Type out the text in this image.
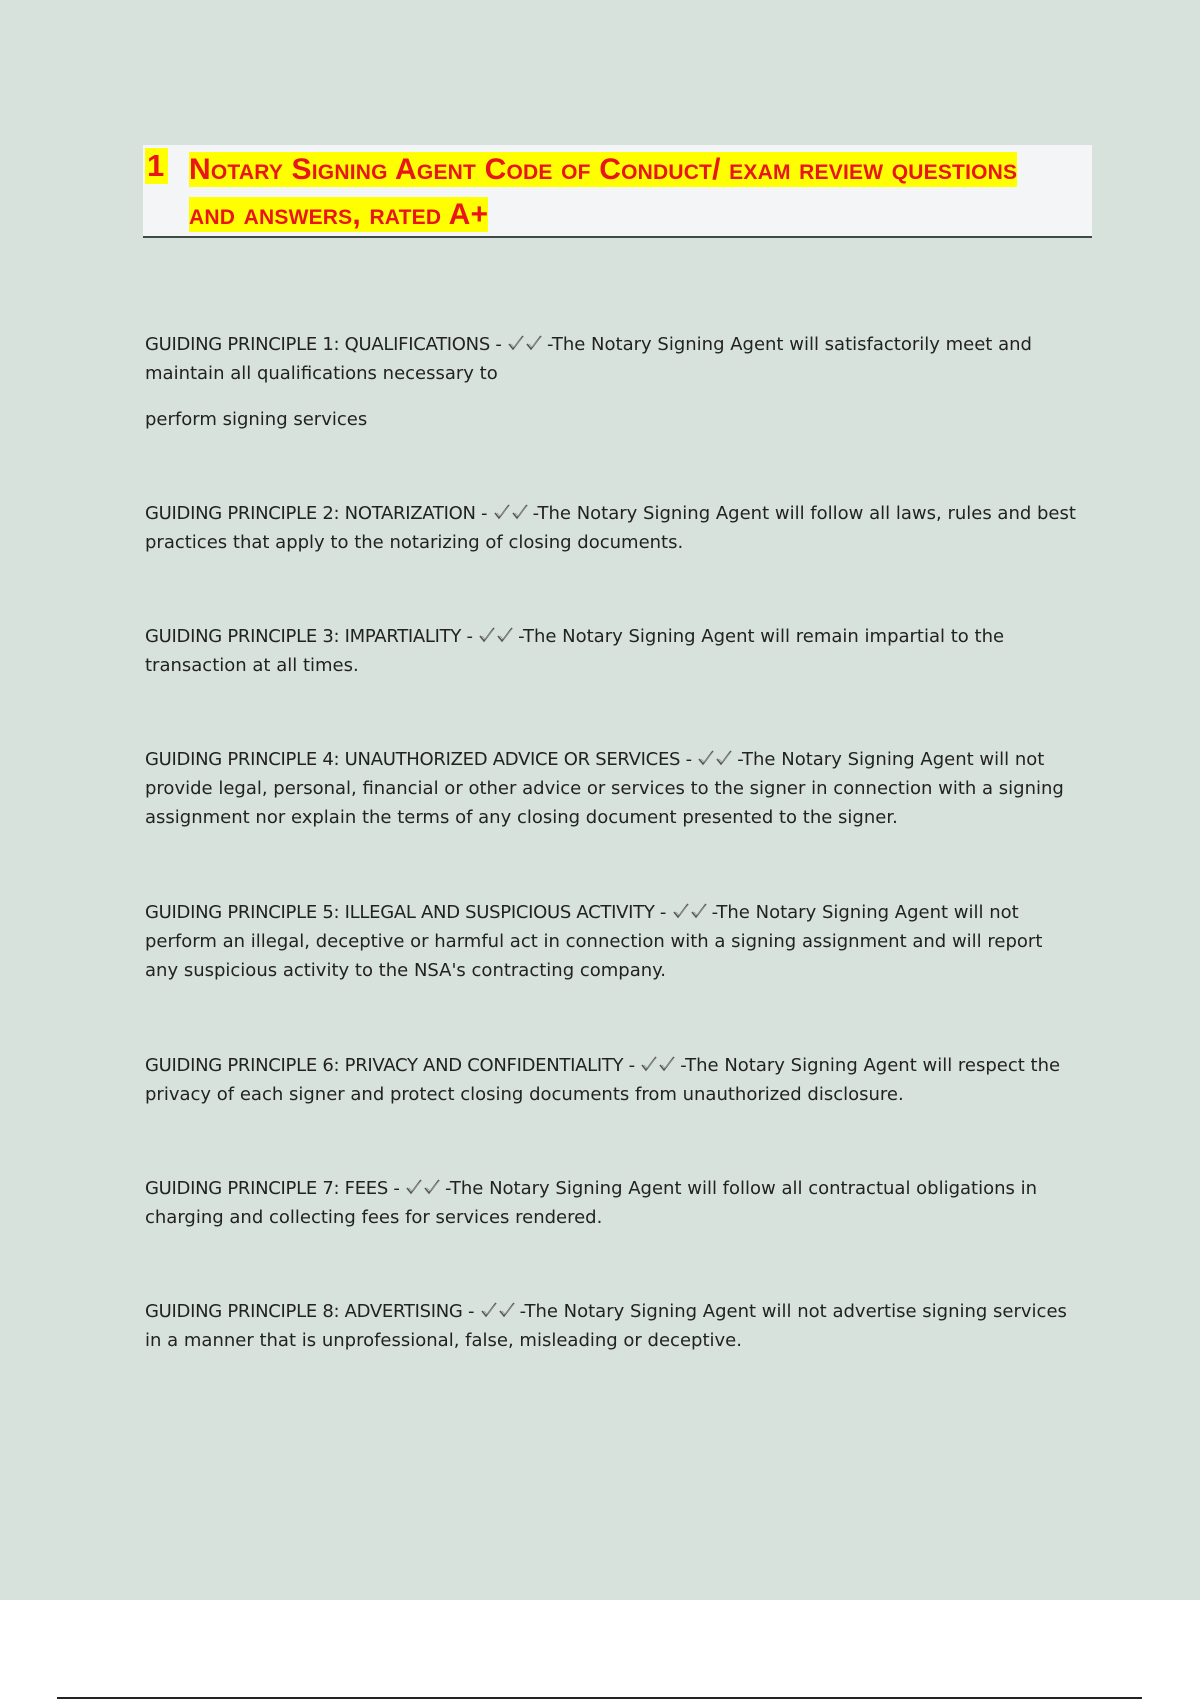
1 Notary Signing Agent Code of Conduct/ exam review questions and answers, rated A+

GUIDING PRINCIPLE 1: QUALIFICATIONS - -The Notary Signing Agent will satisfactorily meet and maintain all qualifications necessary to

perform signing services

GUIDING PRINCIPLE 2: NOTARIZATION - -The Notary Signing Agent will follow all laws, rules and best practices that apply to the notarizing of closing documents.

GUIDING PRINCIPLE 3: IMPARTIALITY - -The Notary Signing Agent will remain impartial to the transaction at all times.

GUIDING PRINCIPLE 4: UNAUTHORIZED ADVICE OR SERVICES - -The Notary Signing Agent will not provide legal, personal, financial or other advice or services to the signer in connection with a signing assignment nor explain the terms of any closing document presented to the signer.

GUIDING PRINCIPLE 5: ILLEGAL AND SUSPICIOUS ACTIVITY - -The Notary Signing Agent will not perform an illegal, deceptive or harmful act in connection with a signing assignment and will report any suspicious activity to the NSA's contracting company.

GUIDING PRINCIPLE 6: PRIVACY AND CONFIDENTIALITY - -The Notary Signing Agent will respect the privacy of each signer and protect closing documents from unauthorized disclosure.

GUIDING PRINCIPLE 7: FEES - -The Notary Signing Agent will follow all contractual obligations in charging and collecting fees for services rendered.

GUIDING PRINCIPLE 8: ADVERTISING - -The Notary Signing Agent will not advertise signing services in a manner that is unprofessional, false, misleading or deceptive.
